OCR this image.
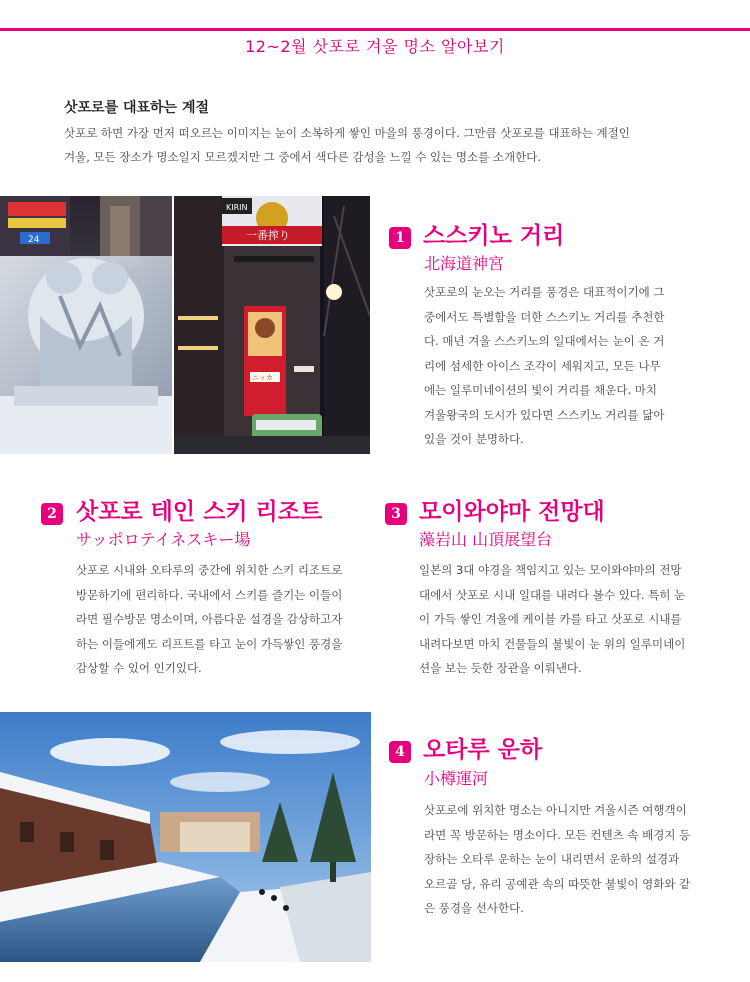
12~2월 삿포로 겨울 명소 알아보기
삿포로를 대표하는 계절
삿포로 하면 가장 먼저 떠오르는 이미지는 눈이 소복하게 쌓인 마을의 풍경이다. 그만큼 삿포로를 대표하는 계절인
겨울, 모든 장소가 명소일지 모르겠지만 그 중에서 색다른 감성을 느낄 수 있는 명소를 소개한다.
24
KIRIN
一番搾り
ニッカ
1 스스키노 거리
北海道神宮
삿포로의 눈오는 거리를 풍경은 대표적이기에 그
중에서도 특별함을 더한 스스키노 거리를 추천한
다. 매년 겨울 스스키노의 일대에서는 눈이 온 거
리에 섬세한 아이스 조각이 세워지고, 모든 나무
에는 일루미네이션의 빛이 거리를 채운다. 마치
겨울왕국의 도시가 있다면 스스키노 거리를 닮아
있을 것이 분명하다.
2 삿포로 테인 스키 리조트
サッポロテイネスキー場
삿포로 시내와 오타루의 중간에 위치한 스키 리조트로
방문하기에 편리하다. 국내에서 스키를 즐기는 이들이
라면 필수방문 명소이며, 아름다운 설경을 감상하고자
하는 이들에게도 리프트를 타고 눈이 가득쌓인 풍경을
감상할 수 있어 인기있다.
3 모이와야마 전망대
藻岩山 山頂展望台
일본의 3대 야경을 책임지고 있는 모이와야마의 전망
대에서 삿포로 시내 일대를 내려다 볼수 있다. 특히 눈
이 가득 쌓인 겨울에 케이블 카를 타고 삿포로 시내를
내려다보면 마치 건물들의 불빛이 눈 위의 일루미네이
션을 보는 듯한 장관을 이뤄낸다.
4 오타루 운하
小樽運河
삿포로에 위치한 명소는 아니지만 겨울시즌 여행객이
라면 꼭 방문하는 명소이다. 모든 컨텐츠 속 배경지 등
장하는 오타루 운하는 눈이 내리면서 운하의 설경과
오르골 당, 유리 공예관 속의 따뜻한 불빛이 영화와 같
은 풍경을 선사한다.
